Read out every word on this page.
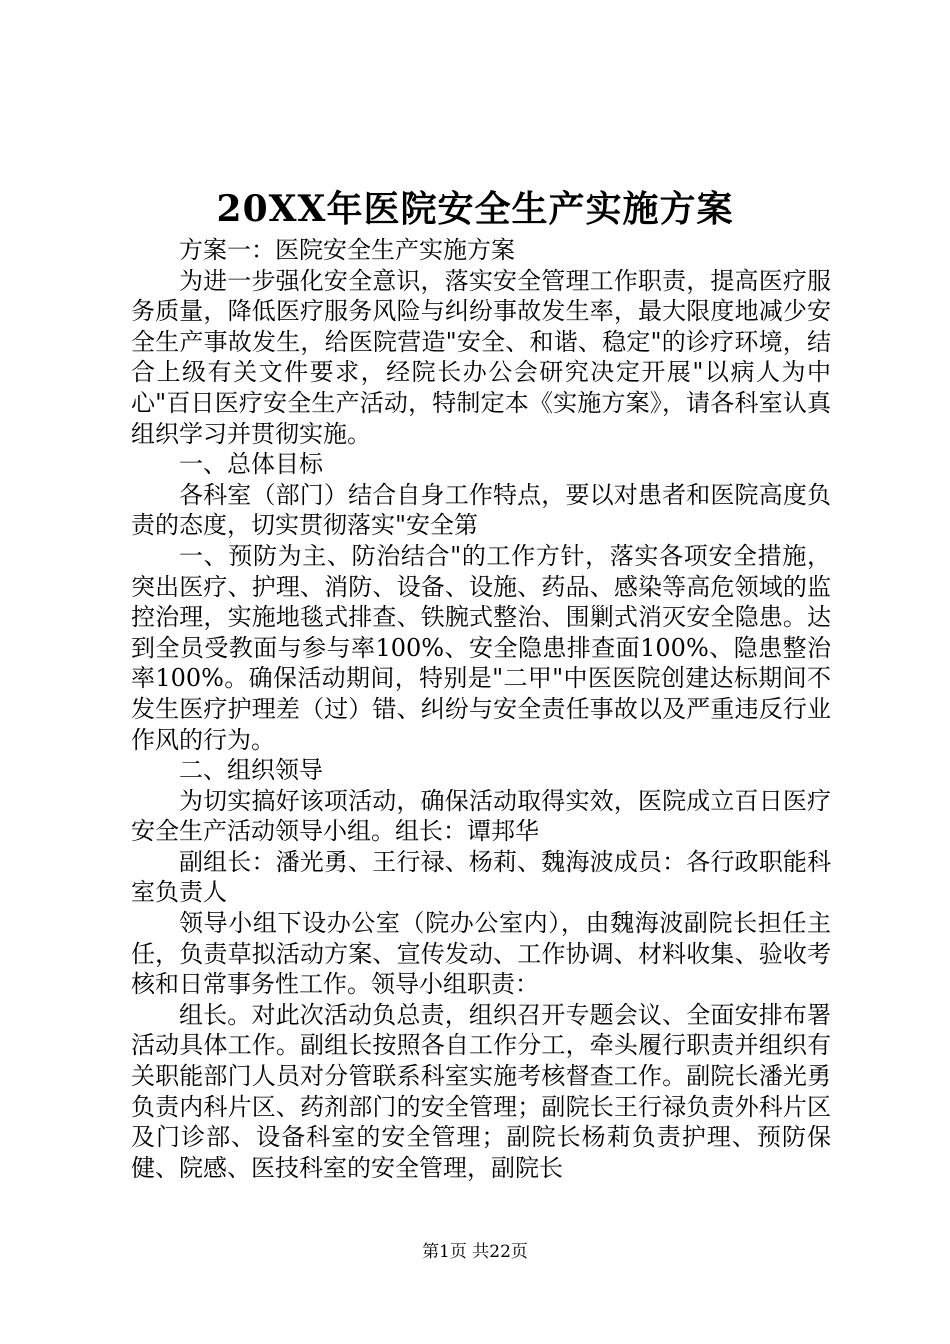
20XX年医院安全生产实施方案

方案一：医院安全生产实施方案

为进一步强化安全意识，落实安全管理工作职责，提高医疗服务质量，降低医疗服务风险与纠纷事故发生率，最大限度地减少安全生产事故发生，给医院营造"安全、和谐、稳定"的诊疗环境，结合上级有关文件要求，经院长办公会研究决定开展"以病人为中心"百日医疗安全生产活动，特制定本《实施方案》，请各科室认真组织学习并贯彻实施。

一、总体目标

各科室（部门）结合自身工作特点，要以对患者和医院高度负责的态度，切实贯彻落实"安全第

一、预防为主、防治结合"的工作方针，落实各项安全措施，突出医疗、护理、消防、设备、设施、药品、感染等高危领域的监控治理，实施地毯式排查、铁腕式整治、围剿式消灭安全隐患。达到全员受教面与参与率100%、安全隐患排查面100%、隐患整治率100%。确保活动期间，特别是"二甲"中医医院创建达标期间不发生医疗护理差（过）错、纠纷与安全责任事故以及严重违反行业作风的行为。

二、组织领导

为切实搞好该项活动，确保活动取得实效，医院成立百日医疗安全生产活动领导小组。组长：谭邦华

副组长：潘光勇、王行禄、杨莉、魏海波成员：各行政职能科室负责人

领导小组下设办公室（院办公室内），由魏海波副院长担任主任，负责草拟活动方案、宣传发动、工作协调、材料收集、验收考核和日常事务性工作。领导小组职责：

组长。对此次活动负总责，组织召开专题会议、全面安排布署活动具体工作。副组长按照各自工作分工，牵头履行职责并组织有关职能部门人员对分管联系科室实施考核督查工作。副院长潘光勇负责内科片区、药剂部门的安全管理；副院长王行禄负责外科片区及门诊部、设备科室的安全管理；副院长杨莉负责护理、预防保健、院感、医技科室的安全管理，副院长

第1页 共22页
